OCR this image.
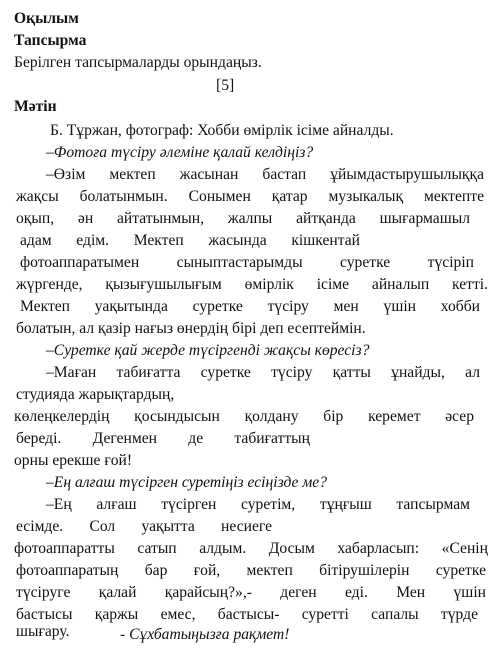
Оқылым
Тапсырма
Берілген тапсырмаларды орындаңыз.
[5]
Мәтін
Б. Тұржан, фотограф: Хобби өмірлік ісіме айналды.
–Фотоға түсіру әлеміне қалай келдіңіз?
–Өзім мектеп жасынан бастап ұйымдастырушылыққа
жақсы болатынмын. Сонымен қатар музыкалық мектепте
оқып, ән айтатынмын, жалпы айтқанда шығармашыл
адам едім. Мектеп жасында кішкентай
фотоаппаратымен сыныптастарымды суретке түсіріп
жүргенде, қызығушылығым өмірлік ісіме айналып кетті.
Мектеп уақытында суретке түсіру мен үшін хобби
болатын, ал қазір нағыз өнердің бірі деп есептеймін.
–Суретке қай жерде түсіргенді жақсы көресіз?
–Маған табиғатта суретке түсіру қатты ұнайды, ал
студияда жарықтардың,
көлеңкелердің қосындысын қолдану бір керемет әсер
береді. Дегенмен де табиғаттың
орны ерекше ғой!
–Ең алғаш түсірген суретіңіз есіңізде ме?
–Ең алғаш түсірген суретім, тұңғыш тапсырмам
есімде. Сол уақытта несиеге
фотоаппаратты сатып алдым. Досым хабарласып: «Сенің
фотоаппаратың бар ғой, мектеп бітірушілерін суретке
түсіруге қалай қарайсың?»,- деген еді. Мен үшін
бастысы қаржы емес, бастысы- суретті сапалы түрде
шығару.	- Сұхбатыңызға рақмет!
